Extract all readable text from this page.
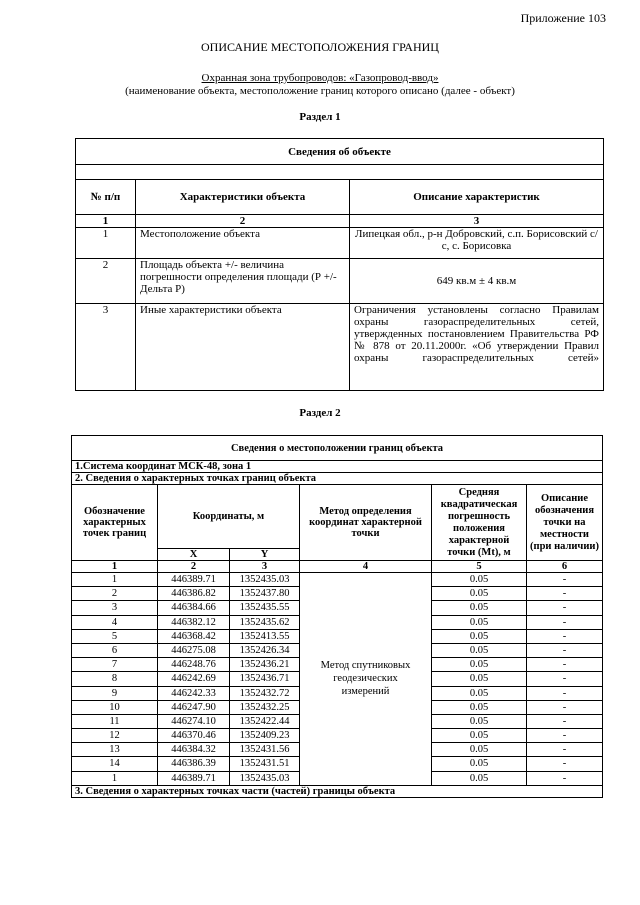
Приложение 103
ОПИСАНИЕ МЕСТОПОЛОЖЕНИЯ ГРАНИЦ
Охранная зона трубопроводов: «Газопровод-ввод»
(наименование объекта, местоположение границ которого описано (далее - объект)
Раздел 1
Сведения об объекте		

№ п/п	Характеристики объекта	Описание характеристик
1	2	3
1	Местоположение объекта	Липецкая обл., р-н Добровский, с.п. Борисовский с/с, с. Борисовка
2	Площадь объекта +/- величина погрешности определения площади (Р +/- Дельта Р)	649 кв.м ± 4 кв.м
3	Иные характеристики объекта	Ограничения установлены согласно Правилам охраны газораспределительных сетей, утвержденных постановлением Правительства РФ № 878 от 20.11.2000г. «Об утверждении Правил охраны газораспределительных сетей»
Раздел 2
Сведения о местоположении границ объекта					
1.Система координат МСК-48, зона 1					
2. Сведения о характерных точках границ объекта					
Обозначение характерных точек границ	Координаты, м		Метод определения координат характерной точки	Средняя квадратическая погрешность положения характерной точки (Mt), м	Описание обозначения точки на местности (при наличии)
	X	Y			
1	2	3	4	5	6
1	446389.71	1352435.03	Метод спутниковых геодезических измерений	0.05	-
2	446386.82	1352437.80		0.05	-
3	446384.66	1352435.55		0.05	-
4	446382.12	1352435.62		0.05	-
5	446368.42	1352413.55		0.05	-
6	446275.08	1352426.34		0.05	-
7	446248.76	1352436.21		0.05	-
8	446242.69	1352436.71		0.05	-
9	446242.33	1352432.72		0.05	-
10	446247.90	1352432.25		0.05	-
11	446274.10	1352422.44		0.05	-
12	446370.46	1352409.23		0.05	-
13	446384.32	1352431.56		0.05	-
14	446386.39	1352431.51		0.05	-
1	446389.71	1352435.03		0.05	-
3. Сведения о характерных точках части (частей) границы объекта					
